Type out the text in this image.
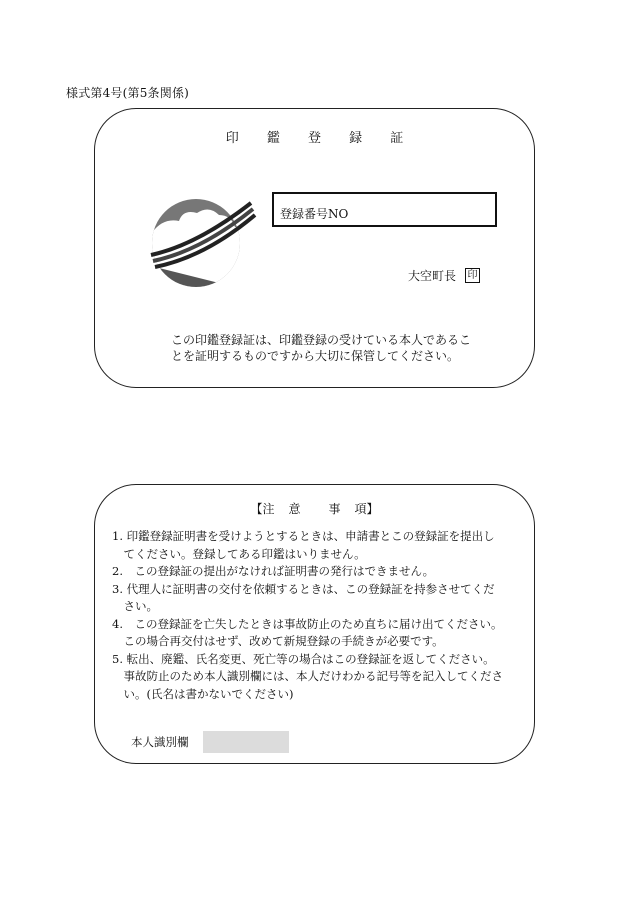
様式第4号(第5条関係)
印 鑑 登 録 証
登録番号NO
大空町長 印
この印鑑登録証は、印鑑登録の受けている本人であるこ
とを証明するものですから大切に保管してください。
【注 意 事 項】

1. 印鑑登録証明書を受けようとするときは、申請書とこの登録証を提出し

　てください。登録してある印鑑はいりません。

2.　この登録証の提出がなければ証明書の発行はできません。

3. 代理人に証明書の交付を依頼するときは、この登録証を持参させてくだ

　さい。

4.　この登録証を亡失したときは事故防止のため直ちに届け出てください。

　この場合再交付はせず、改めて新規登録の手続きが必要です。

5. 転出、廃鑑、氏名変更、死亡等の場合はこの登録証を返してください。

　事故防止のため本人識別欄には、本人だけわかる記号等を記入してくださ

　い。(氏名は書かないでください)

本人識別欄
